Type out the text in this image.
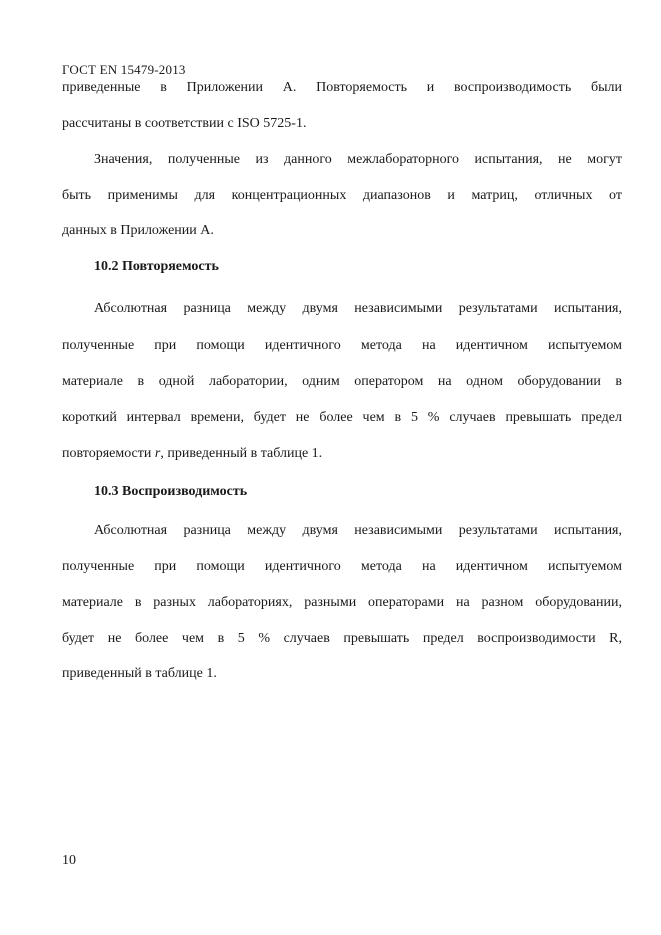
ГОСТ EN 15479-2013
приведенные в Приложении А. Повторяемость и воспроизводимость были
рассчитаны в соответствии с ISO 5725-1.
Значения, полученные из данного межлабораторного испытания, не могут
быть применимы для концентрационных диапазонов и матриц, отличных от
данных в Приложении А.
10.2 Повторяемость
Абсолютная разница между двумя независимыми результатами испытания,
полученные при помощи идентичного метода на идентичном испытуемом
материале в одной лаборатории, одним оператором на одном оборудовании в
короткий интервал времени, будет не более чем в 5 % случаев превышать предел
повторяемости r, приведенный в таблице 1.
10.3 Воспроизводимость
Абсолютная разница между двумя независимыми результатами испытания,
полученные при помощи идентичного метода на идентичном испытуемом
материале в разных лабораториях, разными операторами на разном оборудовании,
будет не более чем в 5 % случаев превышать предел воспроизводимости R,
приведенный в таблице 1.
10
